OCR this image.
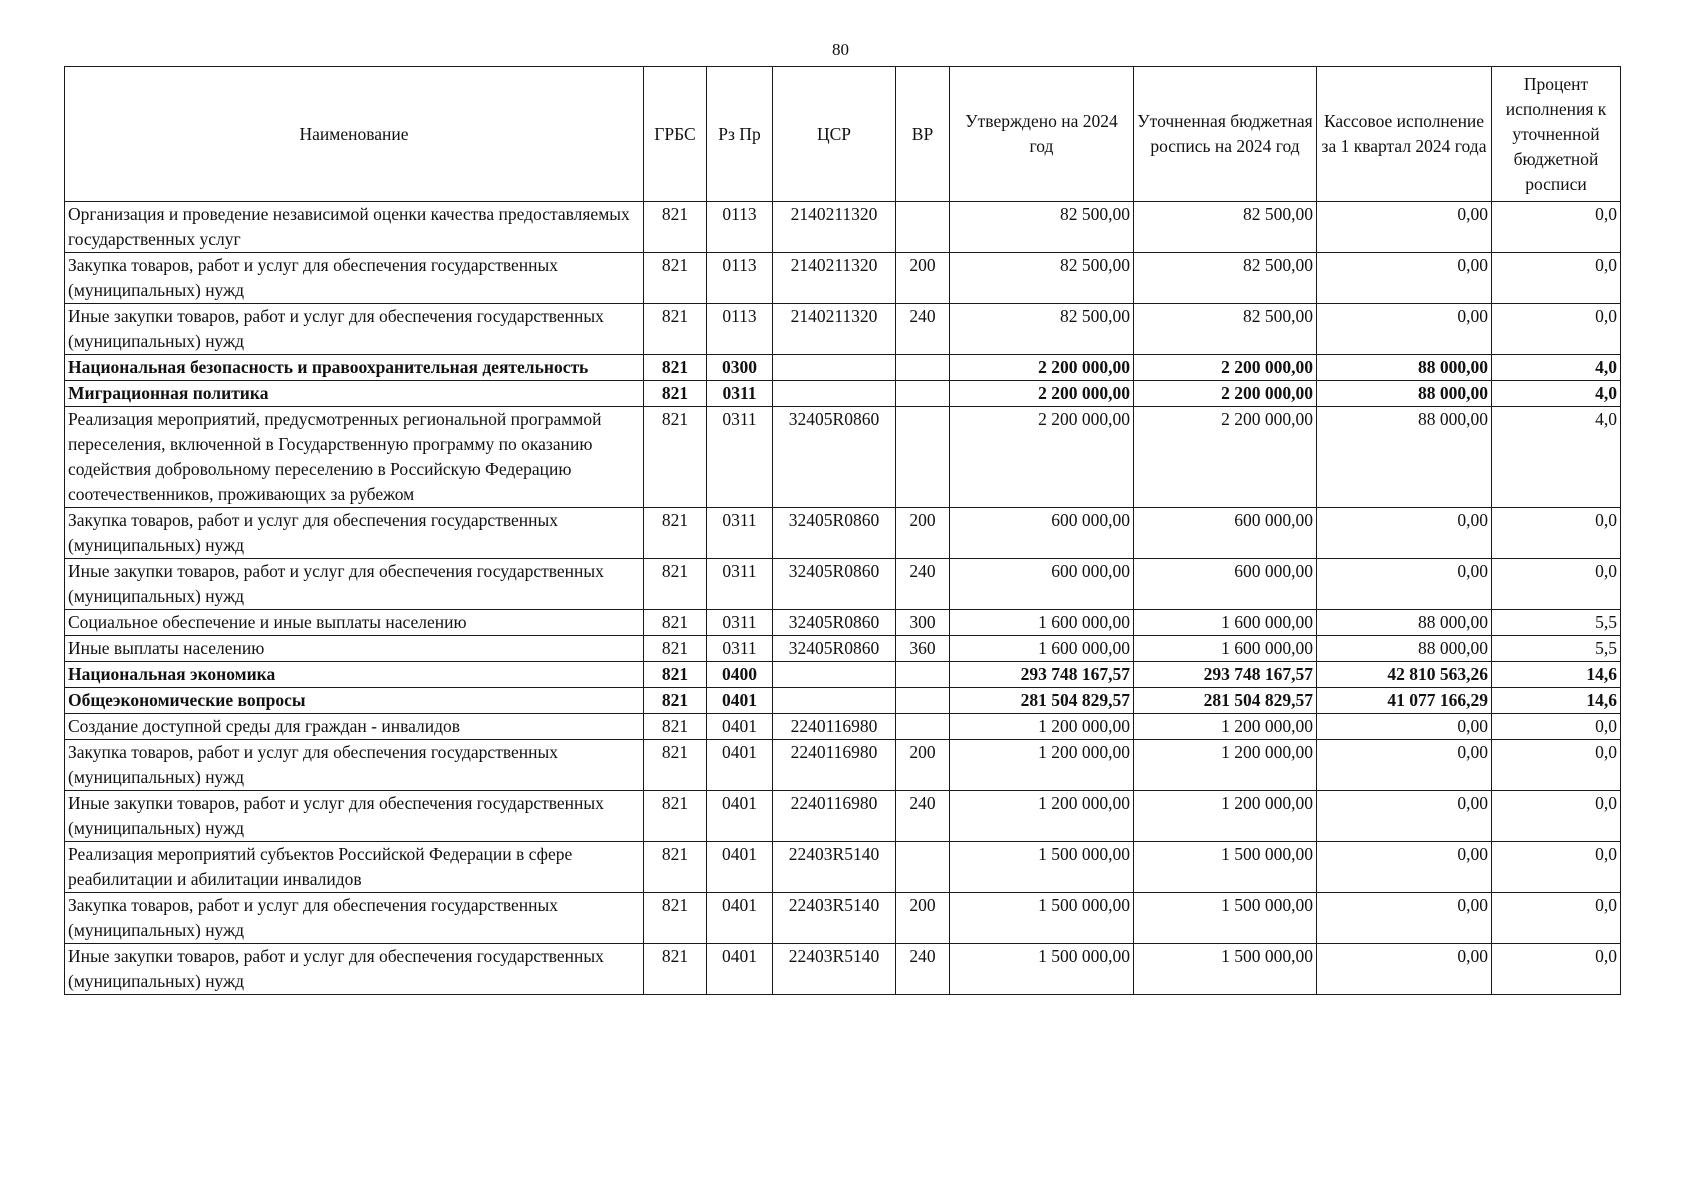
80
Наименование	ГРБС	Рз Пр	ЦСР	ВР	Утверждено на 2024 год	Уточненная бюджетная роспись на 2024 год	Кассовое исполнение за 1 квартал 2024 года	Процент исполнения к уточненной бюджетной росписи
Организация и проведение независимой оценки качества предоставляемых государственных услуг	821	0113	2140211320		82 500,00	82 500,00	0,00	0,0
Закупка товаров, работ и услуг для обеспечения государственных (муниципальных) нужд	821	0113	2140211320	200	82 500,00	82 500,00	0,00	0,0
Иные закупки товаров, работ и услуг для обеспечения государственных (муниципальных) нужд	821	0113	2140211320	240	82 500,00	82 500,00	0,00	0,0
Национальная безопасность и правоохранительная деятельность	821	0300			2 200 000,00	2 200 000,00	88 000,00	4,0
Миграционная политика	821	0311			2 200 000,00	2 200 000,00	88 000,00	4,0
Реализация мероприятий, предусмотренных региональной программой переселения, включенной в Государственную программу по оказанию содействия добровольному переселению в Российскую Федерацию соотечественников, проживающих за рубежом	821	0311	32405R0860		2 200 000,00	2 200 000,00	88 000,00	4,0
Закупка товаров, работ и услуг для обеспечения государственных (муниципальных) нужд	821	0311	32405R0860	200	600 000,00	600 000,00	0,00	0,0
Иные закупки товаров, работ и услуг для обеспечения государственных (муниципальных) нужд	821	0311	32405R0860	240	600 000,00	600 000,00	0,00	0,0
Социальное обеспечение и иные выплаты населению	821	0311	32405R0860	300	1 600 000,00	1 600 000,00	88 000,00	5,5
Иные выплаты населению	821	0311	32405R0860	360	1 600 000,00	1 600 000,00	88 000,00	5,5
Национальная экономика	821	0400			293 748 167,57	293 748 167,57	42 810 563,26	14,6
Общеэкономические вопросы	821	0401			281 504 829,57	281 504 829,57	41 077 166,29	14,6
Создание доступной среды для граждан - инвалидов	821	0401	2240116980		1 200 000,00	1 200 000,00	0,00	0,0
Закупка товаров, работ и услуг для обеспечения государственных (муниципальных) нужд	821	0401	2240116980	200	1 200 000,00	1 200 000,00	0,00	0,0
Иные закупки товаров, работ и услуг для обеспечения государственных (муниципальных) нужд	821	0401	2240116980	240	1 200 000,00	1 200 000,00	0,00	0,0
Реализация мероприятий субъектов Российской Федерации в сфере реабилитации и абилитации инвалидов	821	0401	22403R5140		1 500 000,00	1 500 000,00	0,00	0,0
Закупка товаров, работ и услуг для обеспечения государственных (муниципальных) нужд	821	0401	22403R5140	200	1 500 000,00	1 500 000,00	0,00	0,0
Иные закупки товаров, работ и услуг для обеспечения государственных (муниципальных) нужд	821	0401	22403R5140	240	1 500 000,00	1 500 000,00	0,00	0,0
